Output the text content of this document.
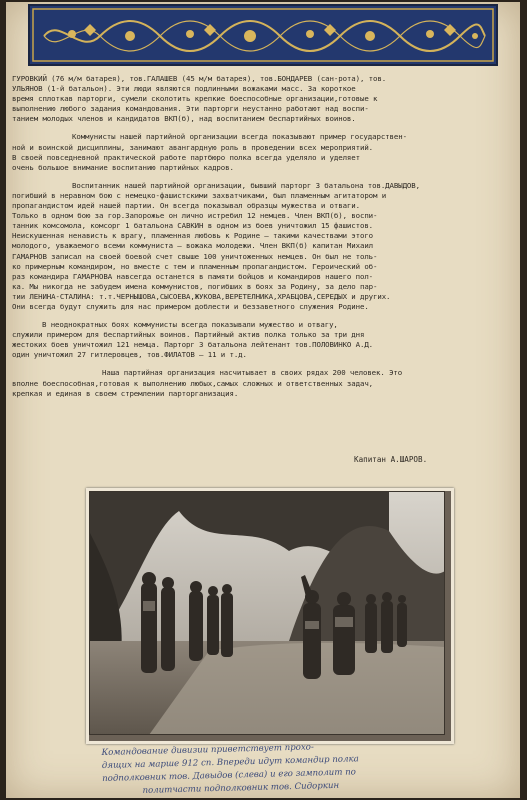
ГУРОВКИЙ (76 м/м батарея), тов.ГАЛАШЕВ (45 м/м батарея), тов.БОНДАРЕВ (сан-рота), тов.
УЛЬЯНОВ (1-й батальон). Эти люди являются подлинными вожаками масс. За короткое
время сплоткав парторги, сумели сколотить крепкие боеспособные организации,готовые к
выполнению любого задания командования. Эти парторги неустанно работают над воспи-
танием молодых членов и кандидатов ВКП(б), над воспитанием беспартийных воинов.
Коммунисты нашей партийной организации всегда показывают пример государствен-
ной и воинской дисциплины, занимают авангардную роль в проведении всех мероприятий.
В своей повседневной практической работе партбюро полка всегда уделяло и уделяет
очень большое внимание воспитанию партийных кадров.
Воспитанник нашей партийной организации, бывший парторг 3 батальона тов.ДАВЫДОВ,
погибший в неравном бою с немецко-фашистскими захватчиками, был пламенным агитатором и
пропагандистом идей нашей партии. Он всегда показывал образцы мужества и отваги.
Только в одном бою за гор.Запорожье он лично истребил 12 немцев. Член ВКП(б), воспи-
танник комсомола, комсорг 1 батальона САВКИН в одном из боев уничтожил 15 фашистов.
Неискушенная ненависть к врагу, пламенная любовь к Родине — такими качествами этого
молодого, уважаемого всеми коммуниста — вожака молодежи. Член ВКП(б) капитан Михаил
ГАМАРНОВ записал на своей боевой счет свыше 100 уничтоженных немцев. Он был не толь-
ко примерным командиром, но вместе с тем и пламенным пропагандистом. Героический об-
раз командира ГАМАРНОВА навсегда останется в памяти бойцов и командиров нашего пол-
ка. Мы никогда не забудем имена коммунистов, погибших в боях за Родину, за дело пар-
тии ЛЕНИНА-СТАЛИНА: т.т.ЧЕРНЫШОВА,СЫСОЕВА,ЖУКОВА,ВЕРЕТЕЛНИКА,ХРАБЦОВА,СЕРЕДЫХ и других.
Они всегда будут служить для нас примером доблести и беззаветного служения Родине.
В неоднократных боях коммунисты всегда показывали мужество и отвагу,
служили примером для беспартийных воинов. Партийный актив полка только за три дня
жестоких боев уничтожил 121 немца. Парторг 3 батальона лейтенант тов.ПОЛОВИНКО А.Д.
один уничтожил 27 гитлеровцев, тов.ФИЛАТОВ — 11 и т.д.
Наша партийная организация насчитывает в своих рядах 200 человек. Это
вполне боеспособная,готовая к выполнению любых,самых сложных и ответственных задач,
крепкая и единая в своем стремлении парторганизация.
Капитан А.ШАРОВ.
Командование дивизии приветствует прохо-
дящих на марше 912 сп. Впереди идут командир полка
подполковник тов. Давыдов (слева) и его замполит по
политчасти подполковник тов. Сидоркин
